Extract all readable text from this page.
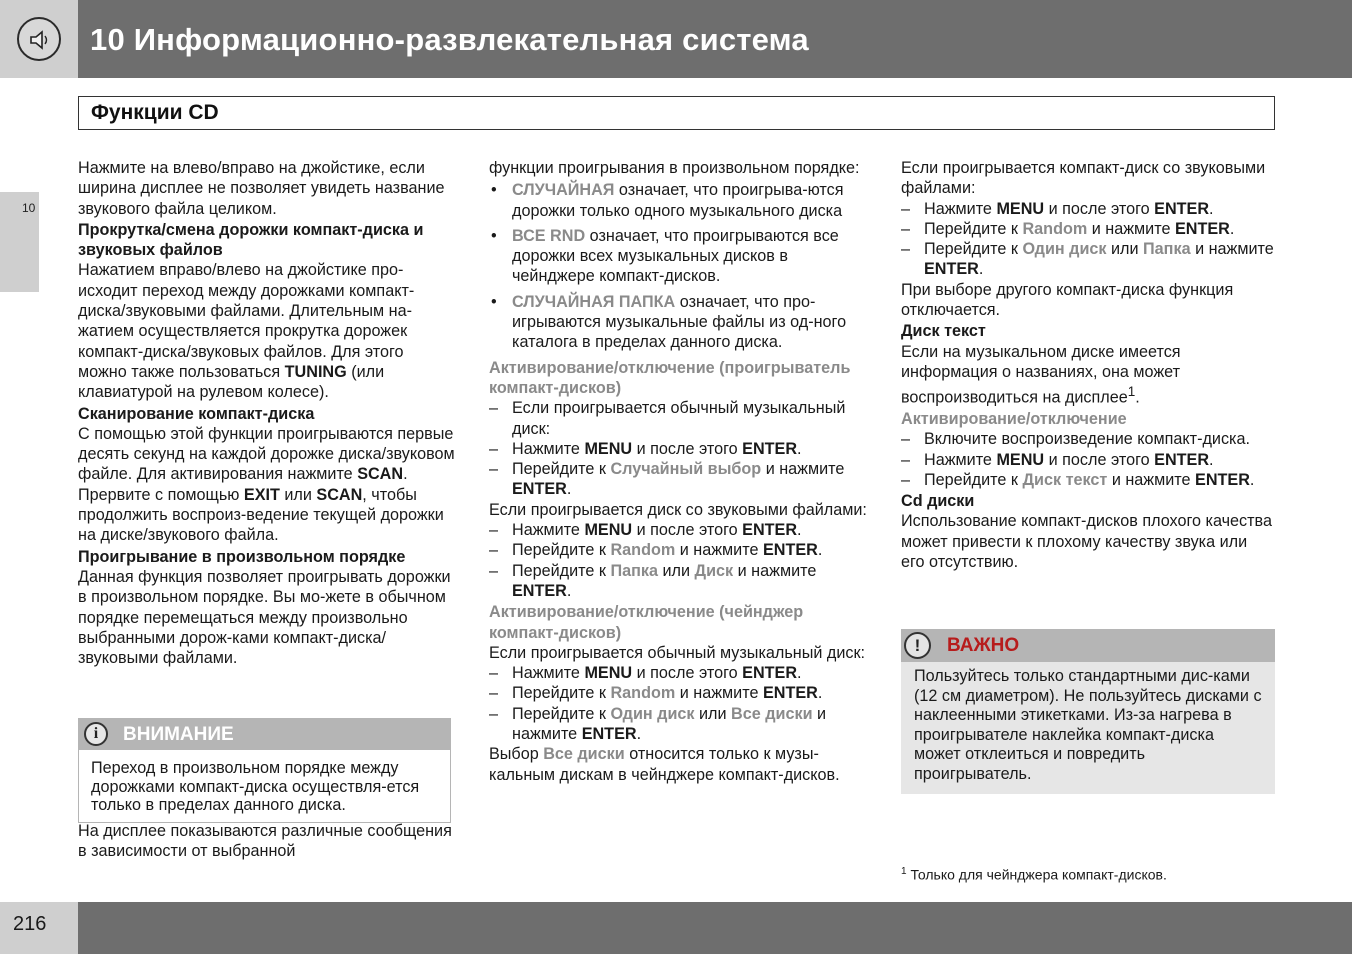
10 Информационно-развлекательная система
Функции CD
10

Нажмите на влево/вправо на джойстике, если ширина дисплее не позволяет увидеть название звукового файла целиком.

Прокрутка/смена дорожки компакт-диска и звуковых файлов

Нажатием вправо/влево на джойстике про-исходит переход между дорожками компакт-диска/звуковыми файлами. Длительным на-жатием осуществляется прокрутка дорожек компакт-диска/звуковых файлов. Для этого можно также пользоваться TUNING (или клавиатурой на рулевом колесе).

Сканирование компакт-диска

С помощью этой функции проигрываются первые десять секунд на каждой дорожке диска/звуковом файле. Для активирования нажмите SCAN. Прервите с помощью EXIT или SCAN, чтобы продолжить воспроиз-ведение текущей дорожки на диске/звукового файла.

Проигрывание в произвольном порядке

Данная функция позволяет проигрывать дорожки в произвольном порядке. Вы мо-жете в обычном порядке перемещаться между произвольно выбранными дорож-ками компакт-диска/звуковыми файлами.

i	ВНИМАНИЕ
Переход в произвольном порядке между дорожками компакт-диска осуществля-ется только в пределах данного диска.
На дисплее показываются различные сообщения в зависимости от выбранной

функции проигрывания в произвольном порядке:

• СЛУЧАЙНАЯ означает, что проигрыва-ются дорожки только одного музыкального диска
• ВСЕ RND означает, что проигрываются все дорожки всех музыкальных дисков в чейнджере компакт-дисков.
• СЛУЧАЙНАЯ ПАПКА означает, что про-игрываются музыкальные файлы из од-ного каталога в пределах данного диска.
Активирование/отключение (проигрыватель компакт-дисков)
– Если проигрывается обычный музыкальный диск:
– Нажмите MENU и после этого ENTER.
– Перейдите к Случайный выбор и нажмите ENTER.

Если проигрывается диск со звуковыми файлами:

– Нажмите MENU и после этого ENTER.
– Перейдите к Random и нажмите ENTER.
– Перейдите к Папка или Диск и нажмите ENTER.
Активирование/отключение (чейнджер компакт-дисков)

Если проигрывается обычный музыкальный диск:

– Нажмите MENU и после этого ENTER.
– Перейдите к Random и нажмите ENTER.
– Перейдите к Один диск или Все диски и нажмите ENTER.

Выбор Все диски относится только к музы-кальным дискам в чейнджере компакт-дисков.

Если проигрывается компакт-диск со звуковыми файлами:

– Нажмите MENU и после этого ENTER.
– Перейдите к Random и нажмите ENTER.
– Перейдите к Один диск или Папка и нажмите ENTER.

При выборе другого компакт-диска функция отключается.

Диск текст

Если на музыкальном диске имеется информация о названиях, она может воспроизводиться на дисплее$^1$.

Активирование/отключение
– Включите воспроизведение компакт-диска.
– Нажмите MENU и после этого ENTER.
– Перейдите к Диск текст и нажмите ENTER.
Cd диски

Использование компакт-дисков плохого качества может привести к плохому качеству звука или его отсутствию.

!	ВАЖНО
Пользуйтесь только стандартными дис-ками (12 см диаметром). Не пользуйтесь дисками с наклеенными этикетками. Из-за нагрева в проигрывателе наклейка компакт-диска может отклеиться и повредить проигрыватель.
$^1$ Только для чейнджера компакт-дисков.
216
